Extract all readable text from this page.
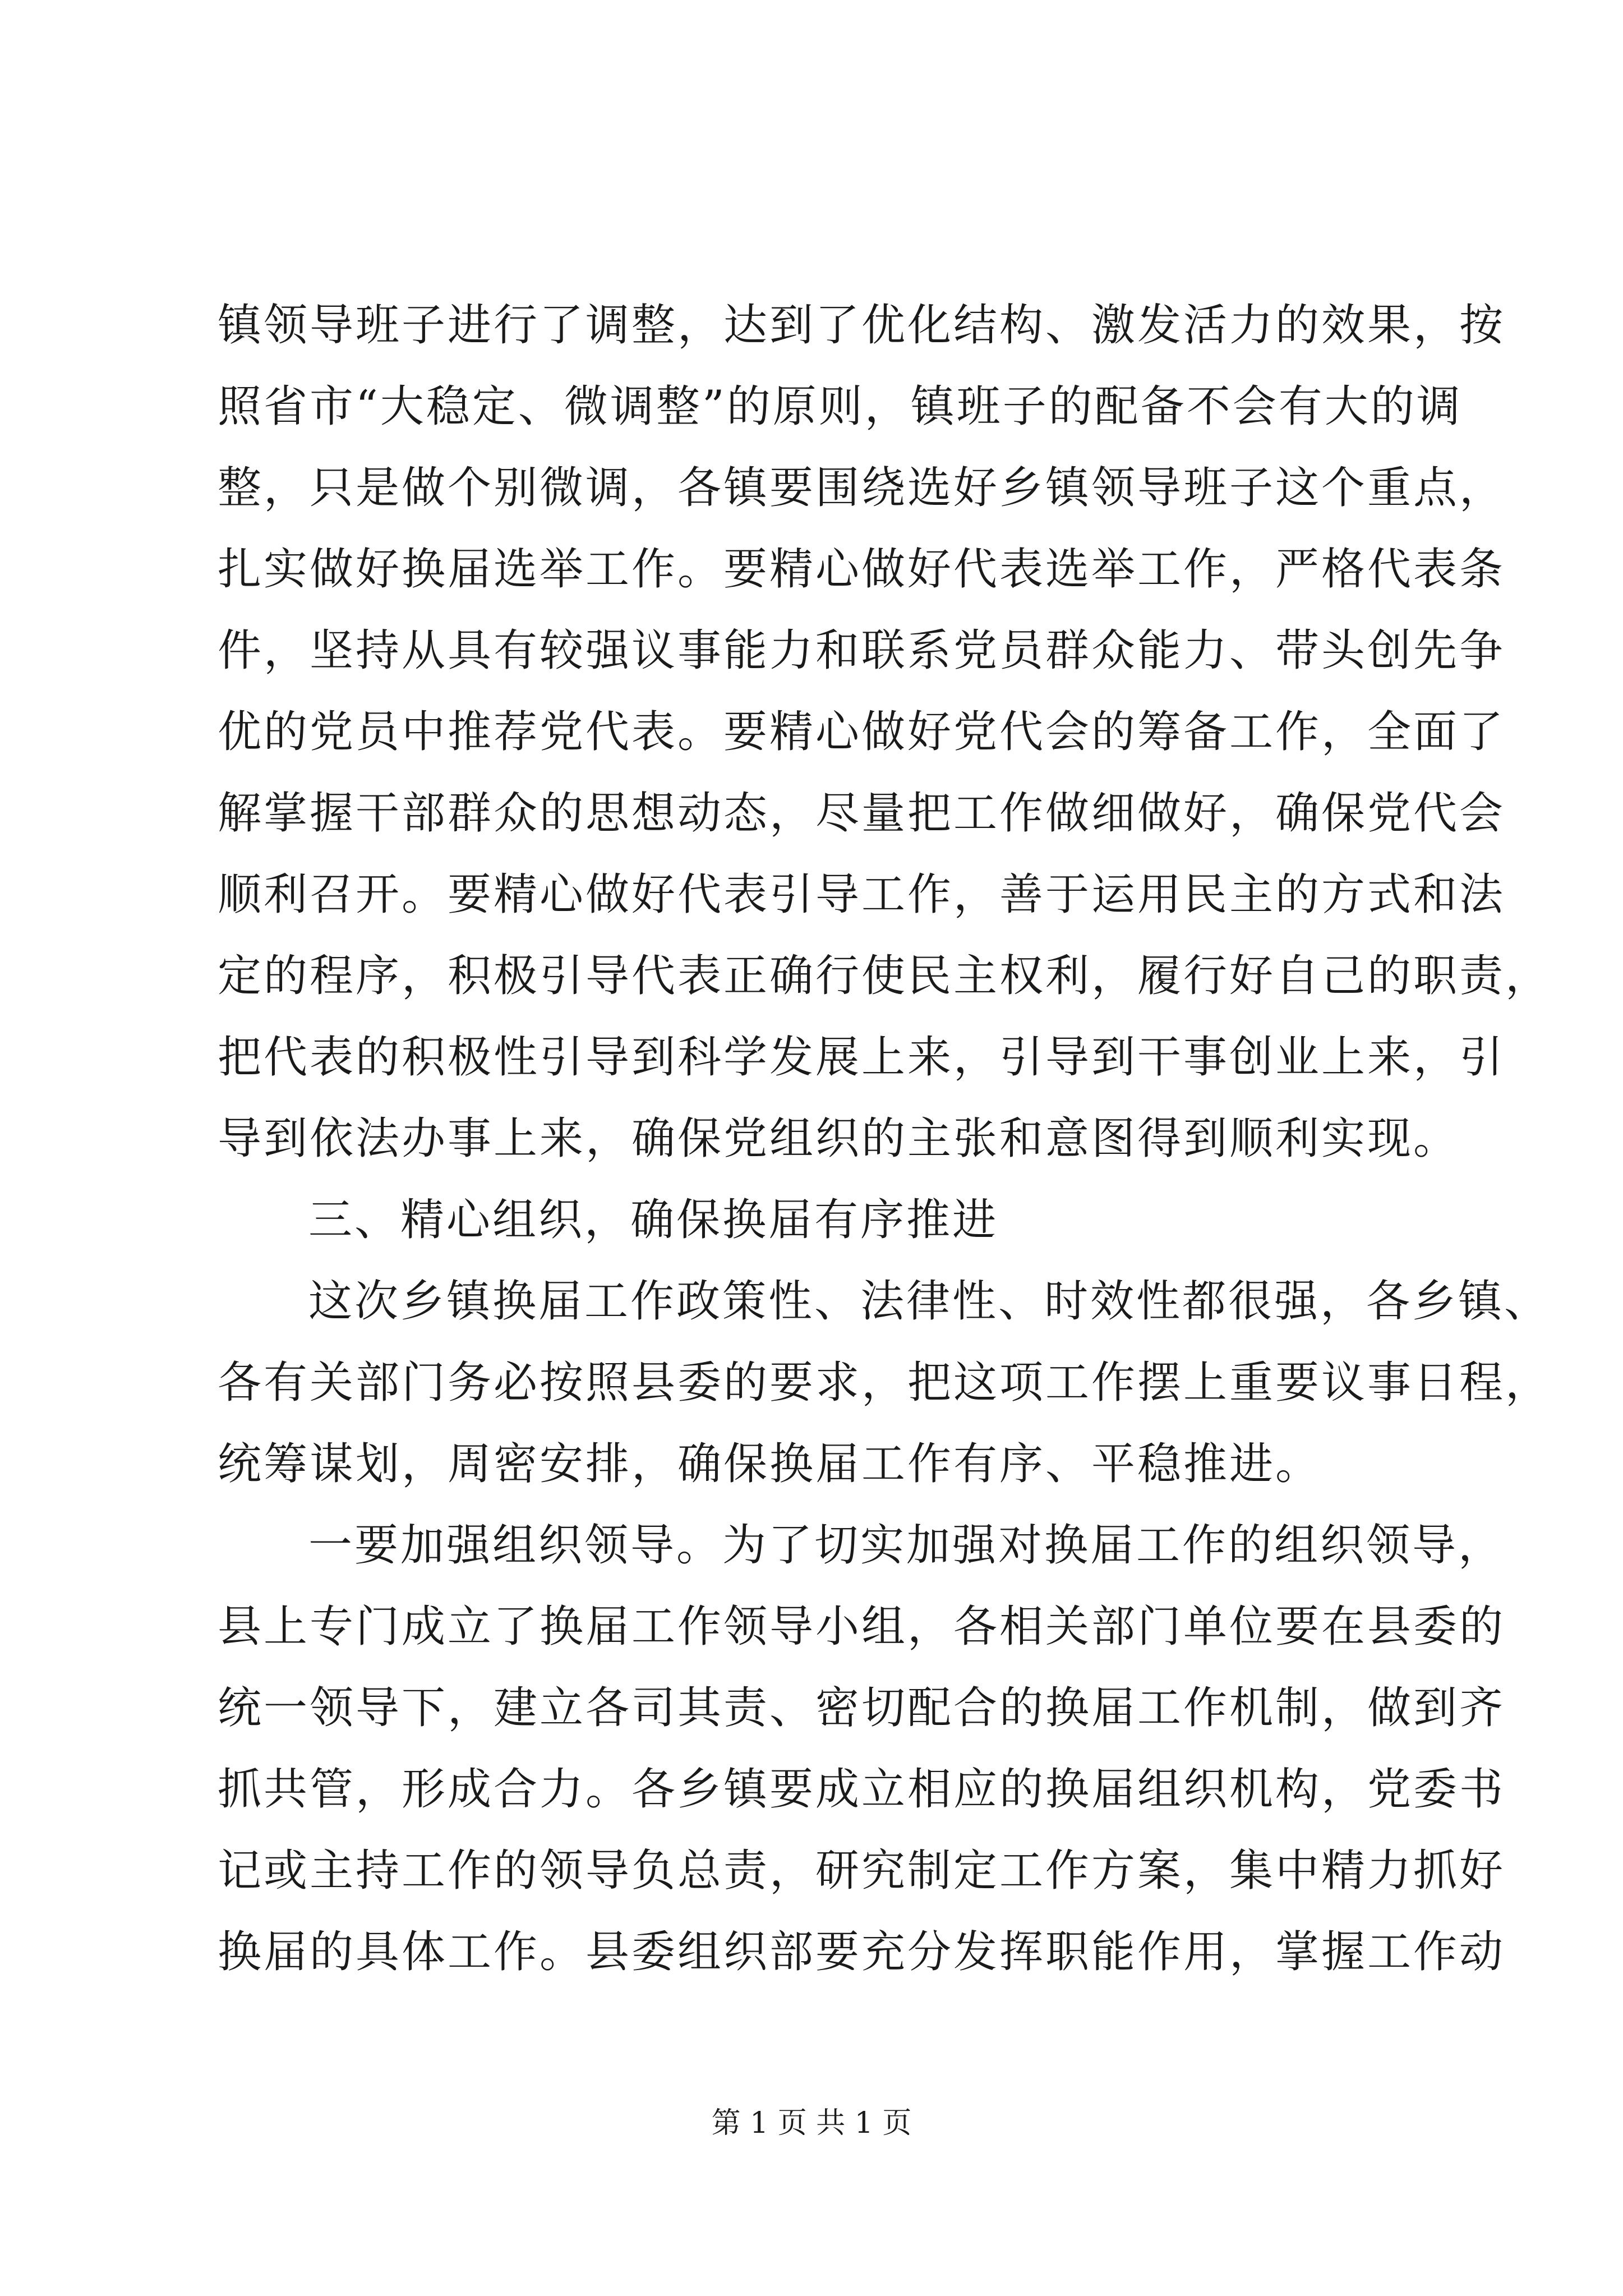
镇领导班子进行了调整，达到了优化结构、激发活力的效果，按
照省市“大稳定、微调整”的原则，镇班子的配备不会有大的调
整，只是做个别微调，各镇要围绕选好乡镇领导班子这个重点，
扎实做好换届选举工作。要精心做好代表选举工作，严格代表条
件，坚持从具有较强议事能力和联系党员群众能力、带头创先争
优的党员中推荐党代表。要精心做好党代会的筹备工作，全面了
解掌握干部群众的思想动态，尽量把工作做细做好，确保党代会
顺利召开。要精心做好代表引导工作，善于运用民主的方式和法
定的程序，积极引导代表正确行使民主权利，履行好自己的职责，
把代表的积极性引导到科学发展上来，引导到干事创业上来，引
导到依法办事上来，确保党组织的主张和意图得到顺利实现。
三、精心组织，确保换届有序推进
这次乡镇换届工作政策性、法律性、时效性都很强，各乡镇、
各有关部门务必按照县委的要求，把这项工作摆上重要议事日程，
统筹谋划，周密安排，确保换届工作有序、平稳推进。
一要加强组织领导。为了切实加强对换届工作的组织领导，
县上专门成立了换届工作领导小组，各相关部门单位要在县委的
统一领导下，建立各司其责、密切配合的换届工作机制，做到齐
抓共管，形成合力。各乡镇要成立相应的换届组织机构，党委书
记或主持工作的领导负总责，研究制定工作方案，集中精力抓好
换届的具体工作。县委组织部要充分发挥职能作用，掌握工作动
第 1 页 共 1 页
